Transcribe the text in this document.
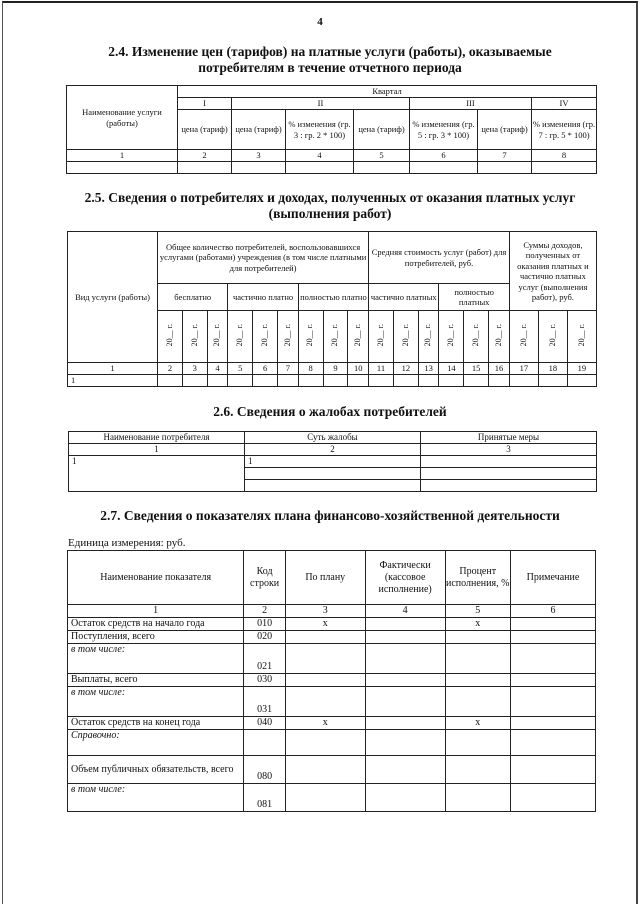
4
2.4. Изменение цен (тарифов) на платные услуги (работы), оказываемые
потребителям в течение отчетного периода
Наименование услуги (работы)	Квартал						
	I	II			III		IV
	цена (тариф)	цена (тариф)	% изменения (гр. 3 : гр. 2 * 100)	цена (тариф)	% изменения (гр. 5 : гр. 3 * 100)	цена (тариф)	% изменения (гр. 7 : гр. 5 * 100)
1	2	3	4	5	6	7	8

2.5. Сведения о потребителях и доходах, полученных от оказания платных услуг
(выполнения работ)
Вид услуги (работы)	Общее количество потребителей, воспользовавшихся услугами (работами) учреждения (в том числе платными для потребителей)									Средняя стоимость услуг (работ) для потребителей, руб.						Суммы доходов, полученных от оказания платных и частично платных услуг (выполнения работ), руб.		
	бесплатно			частично платно			полностью платно			частично платных			полностью платных					
	20__ г.	20__ г.	20__ г.	20__ г.	20__ г.	20__ г.	20__ г.	20__ г.	20__ г.	20__ г.	20__ г.	20__ г.	20__ г.	20__ г.	20__ г.	20__ г.	20__ г.	20__ г.
1	2	3	4	5	6	7	8	9	10	11	12	13	14	15	16	17	18	19
1																		
2.6. Сведения о жалобах потребителей
Наименование потребителя	Суть жалобы	Принятые меры
1	2	3
1	1	

2.7. Сведения о показателях плана финансово-хозяйственной деятельности
Единица измерения: руб.
Наименование показателя	Код строки	По плану	Фактически (кассовое исполнение)	Процент исполнения, %	Примечание
1	2	3	4	5	6
Остаток средств на начало года	010	х		х	
Поступления, всего	020				
в том числе:	021				
Выплаты, всего	030				
в том числе:	031				
Остаток средств на конец года	040	х		х	
Справочно:					
Объем публичных обязательств, всего	080				
в том числе:	081				
